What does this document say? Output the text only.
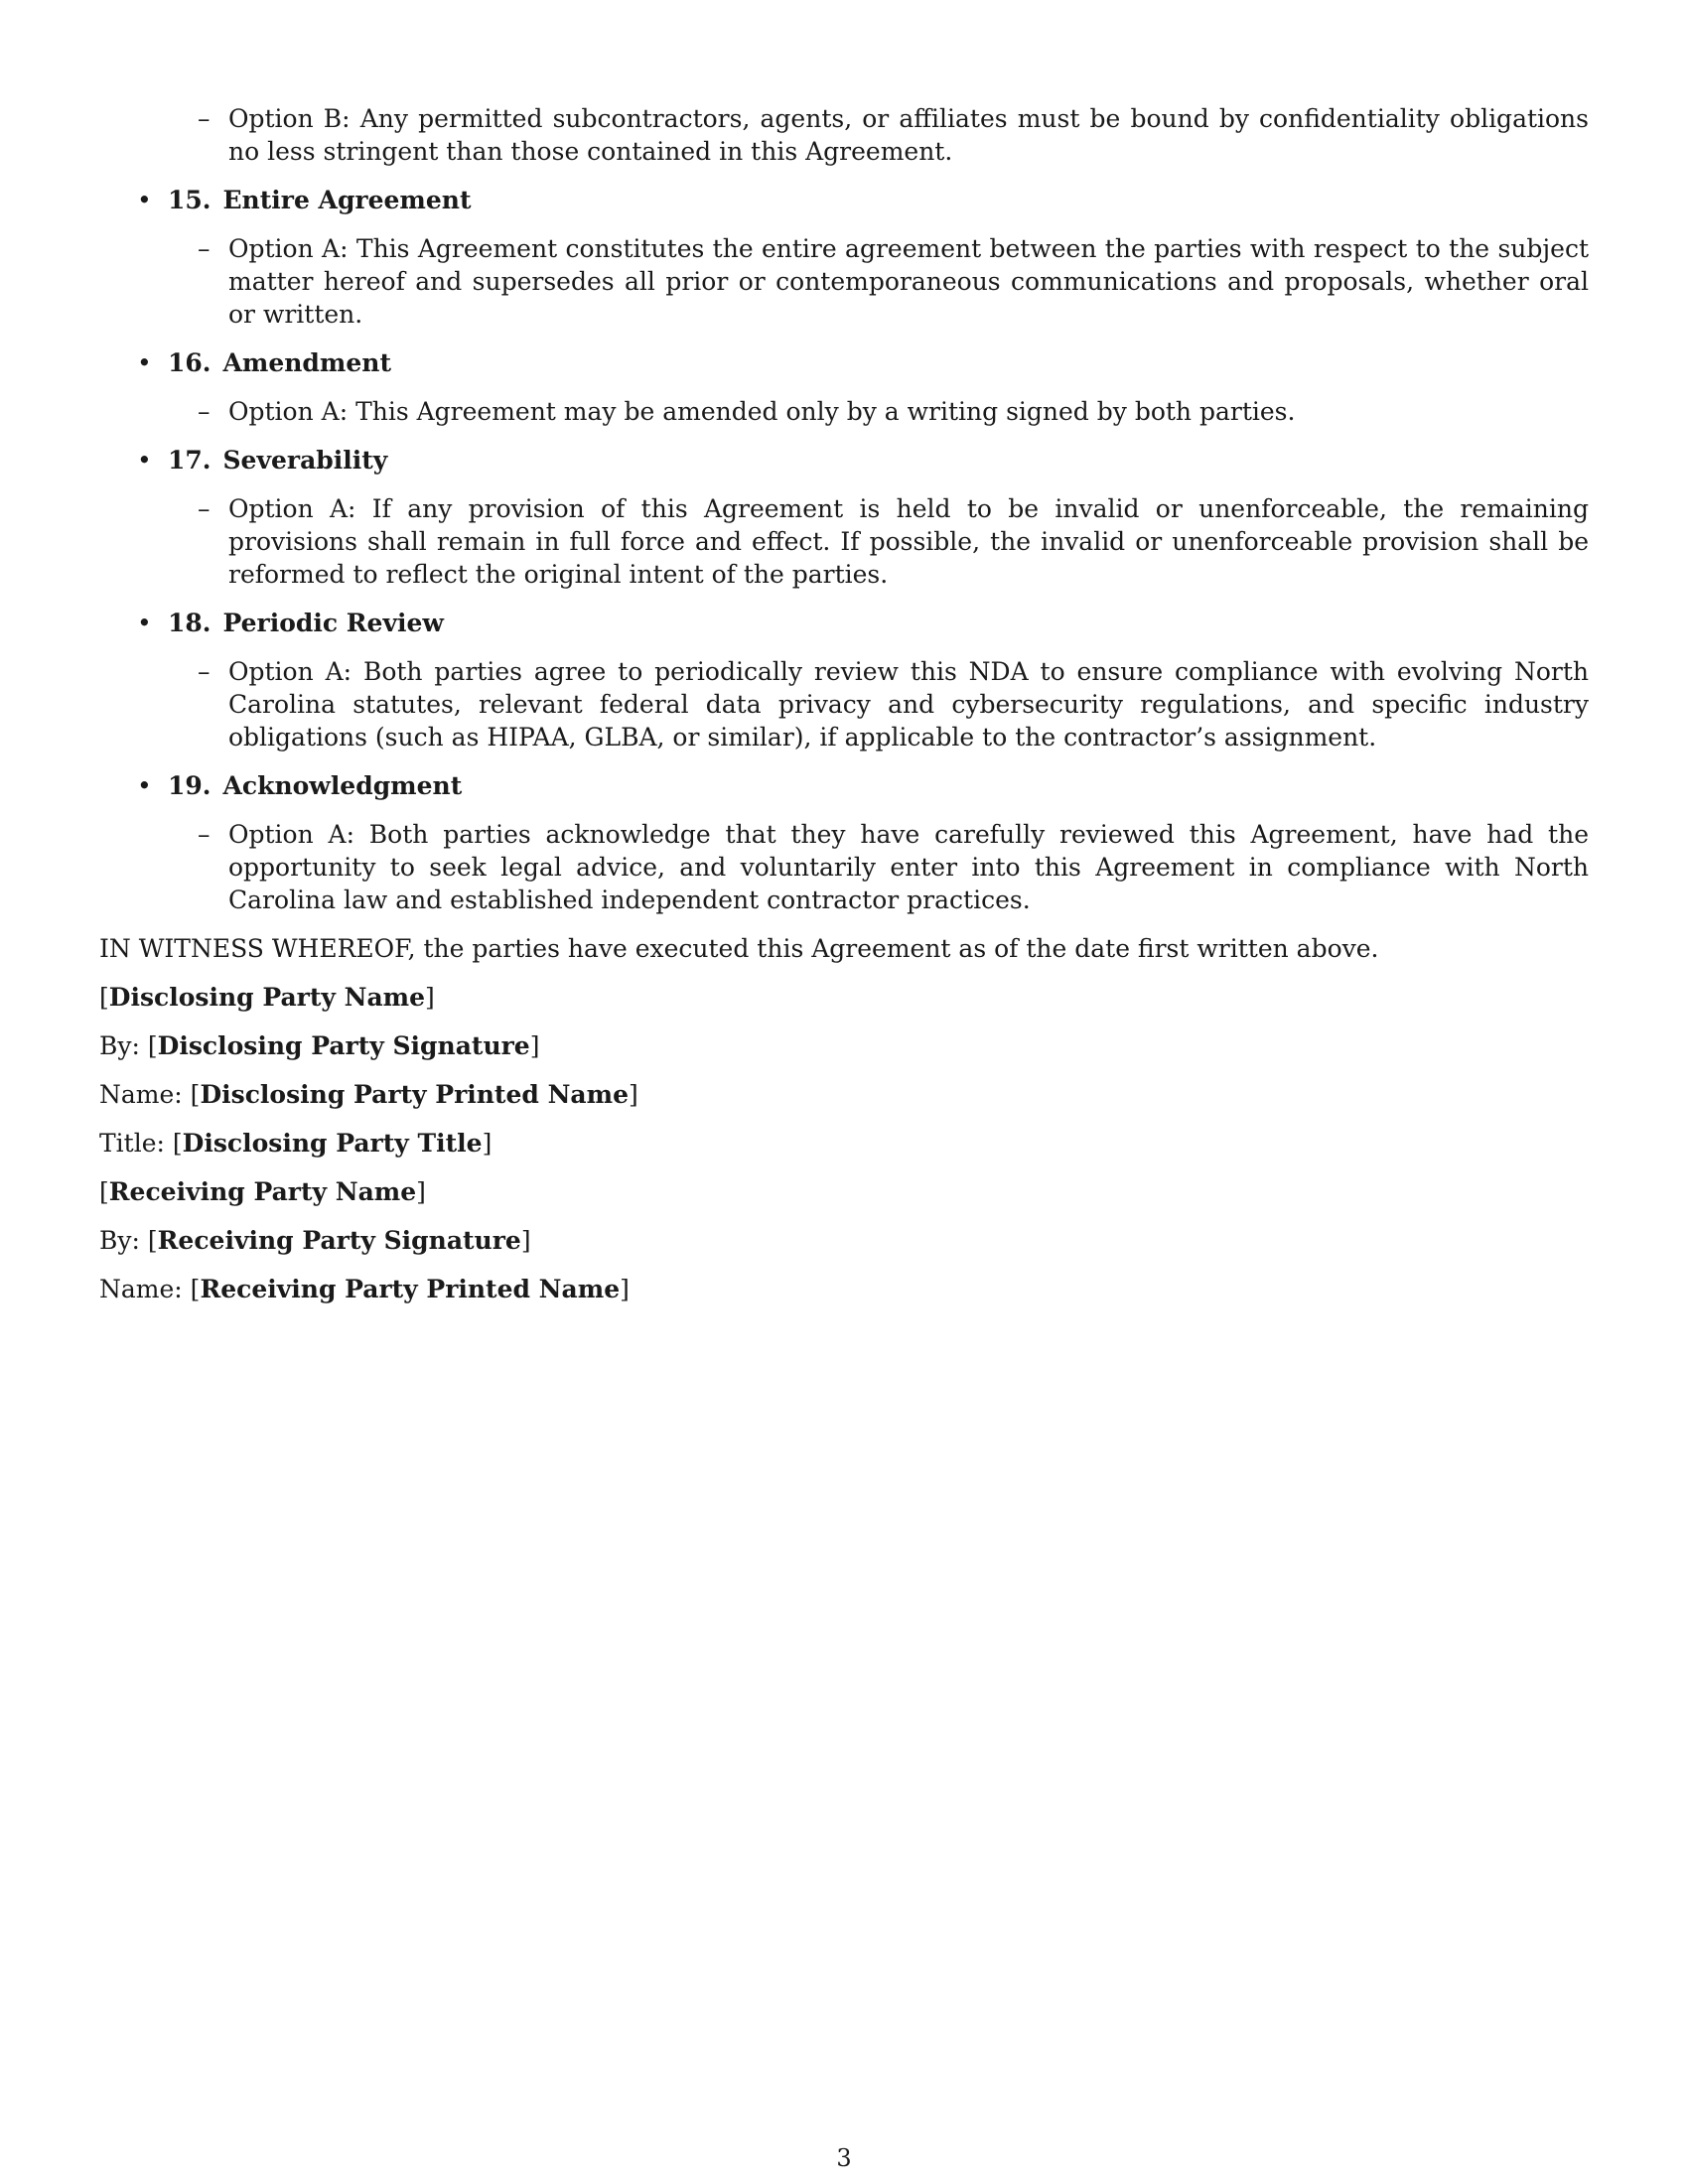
– Option B: Any permitted subcontractors, agents, or affiliates must be bound by confidentiality obligations no less stringent than those contained in this Agreement.
• 15. Entire Agreement
– Option A: This Agreement constitutes the entire agreement between the parties with respect to the subject matter hereof and supersedes all prior or contemporaneous communications and proposals, whether oral or written.
• 16. Amendment
– Option A: This Agreement may be amended only by a writing signed by both parties.
• 17. Severability
– Option A: If any provision of this Agreement is held to be invalid or unenforceable, the remaining provisions shall remain in full force and effect. If possible, the invalid or unenforceable provision shall be reformed to reflect the original intent of the parties.
• 18. Periodic Review
– Option A: Both parties agree to periodically review this NDA to ensure compliance with evolving North Carolina statutes, relevant federal data privacy and cybersecurity regulations, and specific industry obligations (such as HIPAA, GLBA, or similar), if applicable to the contractor’s assignment.
• 19. Acknowledgment
– Option A: Both parties acknowledge that they have carefully reviewed this Agreement, have had the opportunity to seek legal advice, and voluntarily enter into this Agreement in compliance with North Carolina law and established independent contractor practices.
IN WITNESS WHEREOF, the parties have executed this Agreement as of the date first written above.
[Disclosing Party Name]
By: [Disclosing Party Signature]
Name: [Disclosing Party Printed Name]
Title: [Disclosing Party Title]
[Receiving Party Name]
By: [Receiving Party Signature]
Name: [Receiving Party Printed Name]
3
